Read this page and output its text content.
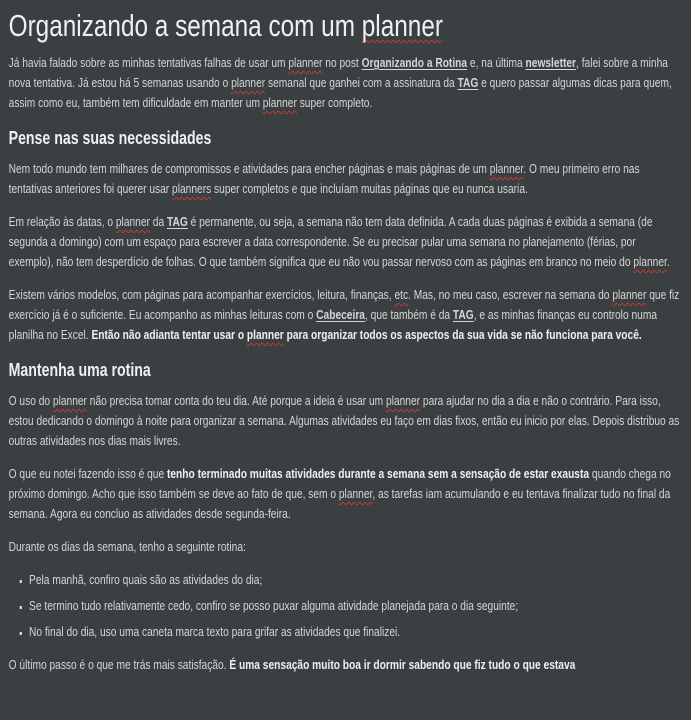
Organizando a semana com um planner

Já havia falado sobre as minhas tentativas falhas de usar um planner no post Organizando a Rotina e, na última newsletter, falei sobre a minha nova tentativa. Já estou há 5 semanas usando o planner semanal que ganhei com a assinatura da TAG e quero passar algumas dicas para quem, assim como eu, também tem dificuldade em manter um planner super completo.

Pense nas suas necessidades

Nem todo mundo tem milhares de compromissos e atividades para encher páginas e mais páginas de um planner. O meu primeiro erro nas tentativas anteriores foi querer usar planners super completos e que incluíam muitas páginas que eu nunca usaria.

Em relação às datas, o planner da TAG é permanente, ou seja, a semana não tem data definida. A cada duas páginas é exibida a semana (de segunda a domingo) com um espaço para escrever a data correspondente. Se eu precisar pular uma semana no planejamento (férias, por exemplo), não tem desperdício de folhas. O que também significa que eu não vou passar nervoso com as páginas em branco no meio do planner.

Existem vários modelos, com páginas para acompanhar exercícios, leitura, finanças, etc. Mas, no meu caso, escrever na semana do planner que fiz exercício já é o suficiente. Eu acompanho as minhas leituras com o Cabeceira, que também é da TAG, e as minhas finanças eu controlo numa planilha no Excel. Então não adianta tentar usar o planner para organizar todos os aspectos da sua vida se não funciona para você.

Mantenha uma rotina

O uso do planner não precisa tomar conta do teu dia. Até porque a ideia é usar um planner para ajudar no dia a dia e não o contrário. Para isso, estou dedicando o domingo à noite para organizar a semana. Algumas atividades eu faço em dias fixos, então eu inicio por elas. Depois distribuo as outras atividades nos dias mais livres.

O que eu notei fazendo isso é que tenho terminado muitas atividades durante a semana sem a sensação de estar exausta quando chega no próximo domingo. Acho que isso também se deve ao fato de que, sem o planner, as tarefas iam acumulando e eu tentava finalizar tudo no final da semana. Agora eu concluo as atividades desde segunda-feira.

Durante os dias da semana, tenho a seguinte rotina:

▪ Pela manhã, confiro quais são as atividades do dia;
▪ Se termino tudo relativamente cedo, confiro se posso puxar alguma atividade planejada para o dia seguinte;
▪ No final do dia, uso uma caneta marca texto para grifar as atividades que finalizei.

O último passo é o que me trás mais satisfação. É uma sensação muito boa ir dormir sabendo que fiz tudo o que estava
